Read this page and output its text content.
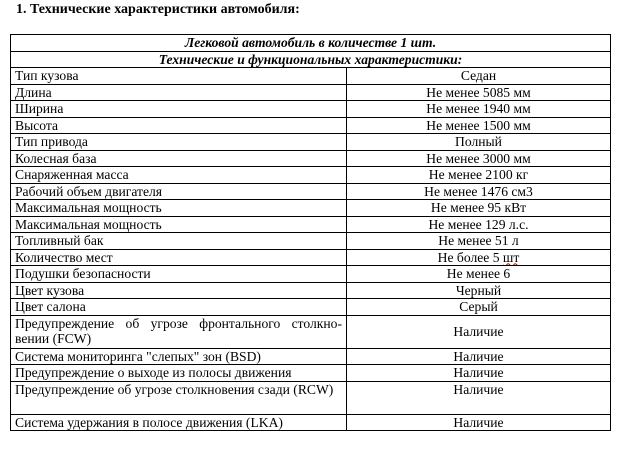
1. Технические характеристики автомобиля:
Легковой автомобиль в количестве 1 шт.	
Технические и функциональных характеристики:	
Тип кузова	Седан
Длина	Не менее 5085 мм
Ширина	Не менее 1940 мм
Высота	Не менее 1500 мм
Тип привода	Полный
Колесная база	Не менее 3000 мм
Снаряженная масса	Не менее 2100 кг
Рабочий объем двигателя	Не менее 1476 см3
Максимальная мощность	Не менее 95 кВт
Максимальная мощность	Не менее 129 л.с.
Топливный бак	Не менее 51 л
Количество мест	Не более 5 шт
Подушки безопасности	Не менее 6
Цвет кузова	Черный
Цвет салона	Серый
Предупреждение об угрозе фронтального столкно-вении (FCW)	Наличие
Система мониторинга "слепых" зон (BSD)	Наличие
Предупреждение о выходе из полосы движения	Наличие
Предупреждение об угрозе столкновения сзади (RCW)	Наличие
Система удержания в полосе движения (LKA)	Наличие
